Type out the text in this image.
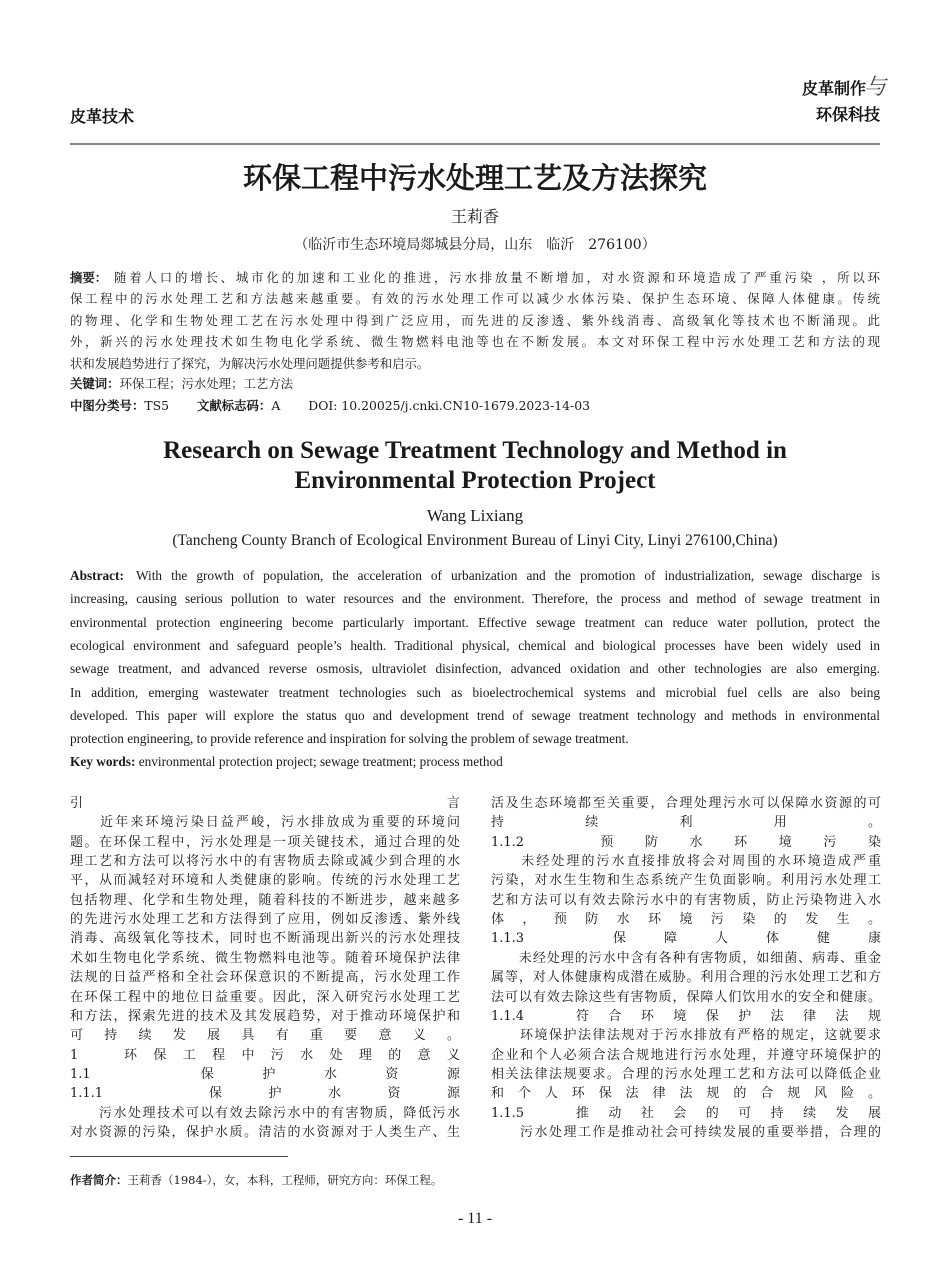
皮革技术
皮革制作
与
环保科技
环保工程中污水处理工艺及方法探究
王莉香
（临沂市生态环境局郯城县分局，山东　临沂　276100）
关键词：环保工程；污水处理；工艺方法
中图分类号：TS5 文献标志码：A DOI: 10.20025/j.cnki.CN10-1679.2023-14-03
Research on Sewage Treatment Technology and Method in
Environmental Protection Project
Wang Lixiang
(Tancheng County Branch of Ecological Environment Bureau of Linyi City, Linyi 276100,China)
Key words: environmental protection project; sewage treatment; process method
作者简介：王莉香（1984-），女，本科，工程师，研究方向：环保工程。
- 11 -
摘要： 随着人口的增长、城市化的加速和工业化的推进，污水排放量不断增加，对水资源和环境造成了严重污染 ，所以环
保工程中的污水处理工艺和方法越来越重要。有效的污水处理工作可以减少水体污染、保护生态环境、保障人体健康。传统
的物理、化学和生物处理工艺在污水处理中得到广泛应用，而先进的反渗透、紫外线消毒、高级氧化等技术也不断涌现。此
外，新兴的污水处理技术如生物电化学系统、微生物燃料电池等也在不断发展。本文对环保工程中污水处理工艺和方法的现
状和发展趋势进行了探究，为解决污水处理问题提供参考和启示。
Abstract: With the growth of population, the acceleration of urbanization and the promotion of industrialization, sewage discharge is
increasing, causing serious pollution to water resources and the environment. Therefore, the process and method of sewage treatment in
environmental protection engineering become particularly important. Effective sewage treatment can reduce water pollution, protect the
ecological environment and safeguard people’s health. Traditional physical, chemical and biological processes have been widely used in
sewage treatment, and advanced reverse osmosis, ultraviolet disinfection, advanced oxidation and other technologies are also emerging.
In addition, emerging wastewater treatment technologies such as bioelectrochemical systems and microbial fuel cells are also being
developed. This paper will explore the status quo and development trend of sewage treatment technology and methods in environmental
protection engineering, to provide reference and inspiration for solving the problem of sewage treatment.
引　言
　　近年来环境污染日益严峻，污水排放成为重要的环境问
题。在环保工程中，污水处理是一项关键技术，通过合理的处
理工艺和方法可以将污水中的有害物质去除或减少到合理的水
平，从而减轻对环境和人类健康的影响。传统的污水处理工艺
包括物理、化学和生物处理，随着科技的不断进步，越来越多
的先进污水处理工艺和方法得到了应用，例如反渗透、紫外线
消毒、高级氧化等技术，同时也不断涌现出新兴的污水处理技
术如生物电化学系统、微生物燃料电池等。随着环境保护法律
法规的日益严格和全社会环保意识的不断提高，污水处理工作
在环保工程中的地位日益重要。因此，深入研究污水处理工艺
和方法，探索先进的技术及其发展趋势，对于推动环境保护和
可持续发展具有重要意义。
1　环保工程中污水处理的意义
1.1　保护水资源
1.1.1　保护水资源
　　污水处理技术可以有效去除污水中的有害物质，降低污水
对水资源的污染，保护水质。清洁的水资源对于人类生产、生
活及生态环境都至关重要，合理处理污水可以保障水资源的可
持续利用。
1.1.2　预防水环境污染
　　未经处理的污水直接排放将会对周围的水环境造成严重
污染，对水生生物和生态系统产生负面影响。利用污水处理工
艺和方法可以有效去除污水中的有害物质，防止污染物进入水
体，预防水环境污染的发生。
1.1.3　保障人体健康
　　未经处理的污水中含有各种有害物质，如细菌、病毒、重金
属等，对人体健康构成潜在威胁。利用合理的污水处理工艺和方
法可以有效去除这些有害物质，保障人们饮用水的安全和健康。
1.1.4　符合环境保护法律法规
　　环境保护法律法规对于污水排放有严格的规定，这就要求
企业和个人必须合法合规地进行污水处理，并遵守环境保护的
相关法律法规要求。合理的污水处理工艺和方法可以降低企业
和个人环保法律法规的合规风险。
1.1.5　推动社会的可持续发展
　　污水处理工作是推动社会可持续发展的重要举措，合理的
